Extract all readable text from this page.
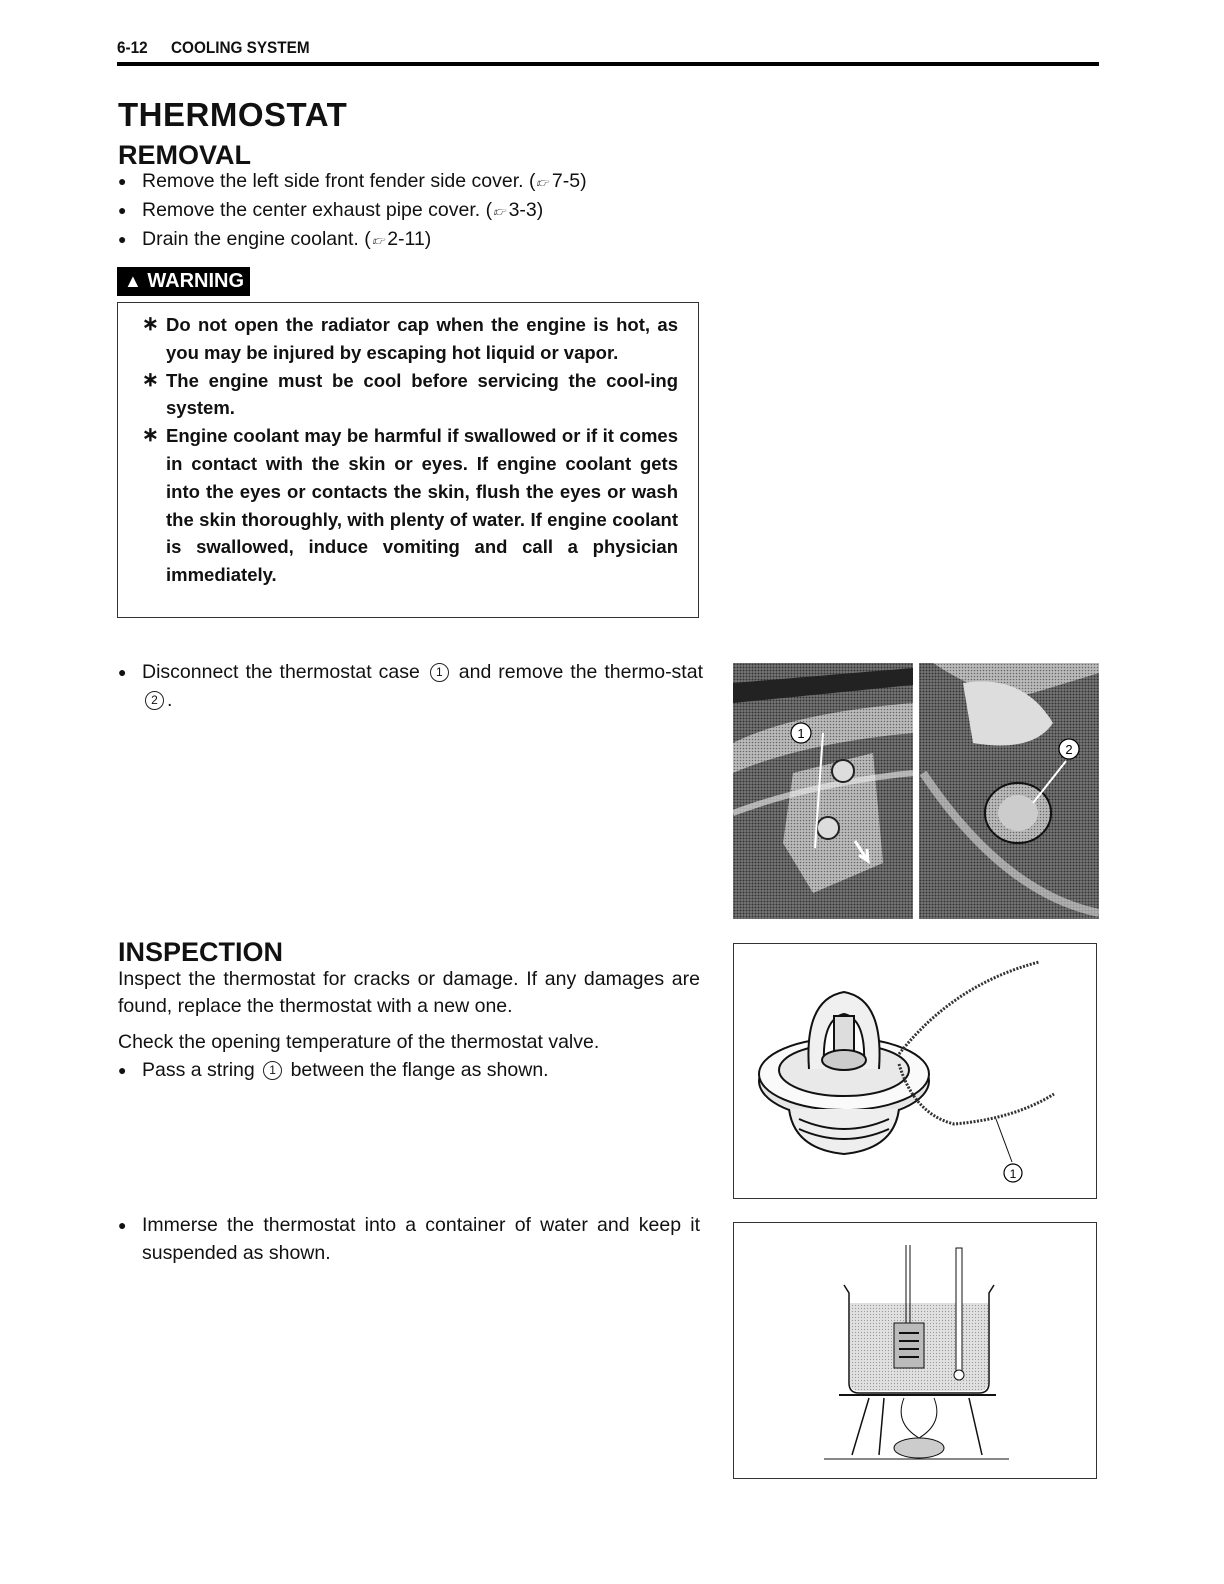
6-12 COOLING SYSTEM
THERMOSTAT
REMOVAL
● Remove the left side front fender side cover. (👉︎7-5)
● Remove the center exhaust pipe cover. (👉︎3-3)
● Drain the engine coolant. (👉︎2-11)
▲ WARNING
∗ Do not open the radiator cap when the engine is hot, as you may be injured by escaping hot liquid or vapor.
∗ The engine must be cool before servicing the cool-ing system.
∗ Engine coolant may be harmful if swallowed or if it comes in contact with the skin or eyes. If engine coolant gets into the eyes or contacts the skin, flush the eyes or wash the skin thoroughly, with plenty of water. If engine coolant is swallowed, induce vomiting and call a physician immediately.
● Disconnect the thermostat case 1 and remove the thermo-stat 2 .
1
2
INSPECTION

Inspect the thermostat for cracks or damage. If any damages are found, replace the thermostat with a new one.

Check the opening temperature of the thermostat valve.

● Pass a string 1 between the flange as shown.
1
● Immerse the thermostat into a container of water and keep it suspended as shown.
